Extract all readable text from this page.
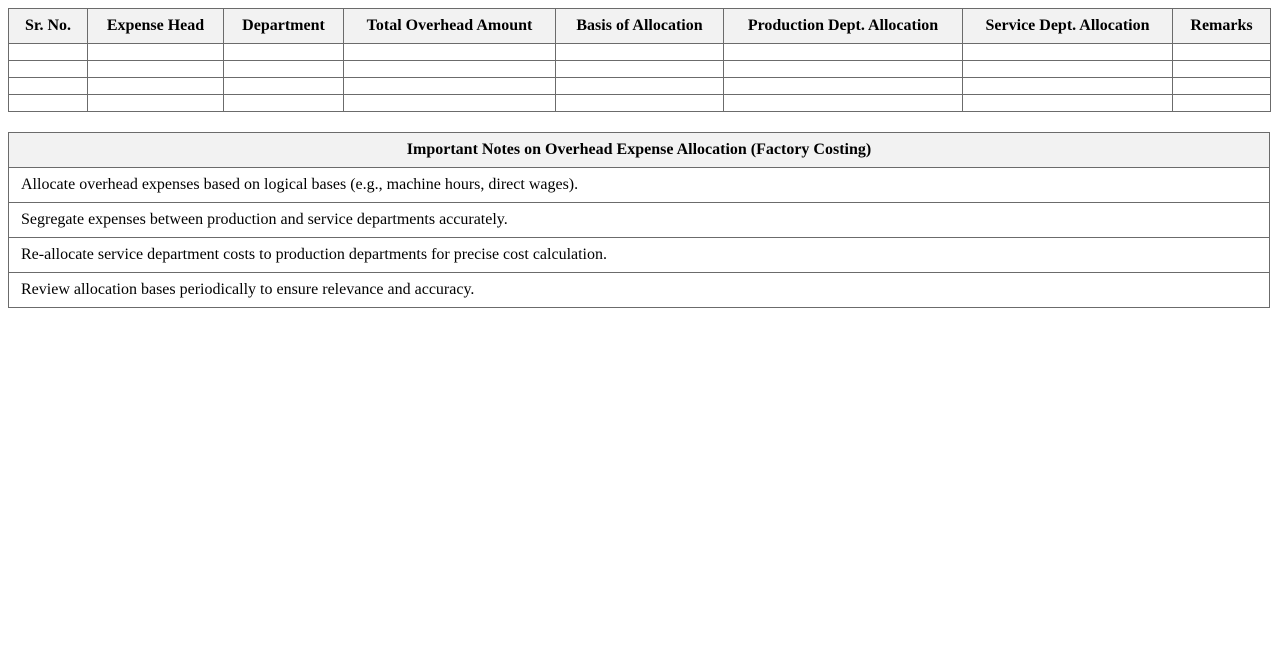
Sr. No.	Expense Head	Department	Total Overhead Amount	Basis of Allocation	Production Dept. Allocation	Service Dept. Allocation	Remarks

Important Notes on Overhead Expense Allocation (Factory Costing)
Allocate overhead expenses based on logical bases (e.g., machine hours, direct wages).
Segregate expenses between production and service departments accurately.
Re-allocate service department costs to production departments for precise cost calculation.
Review allocation bases periodically to ensure relevance and accuracy.
